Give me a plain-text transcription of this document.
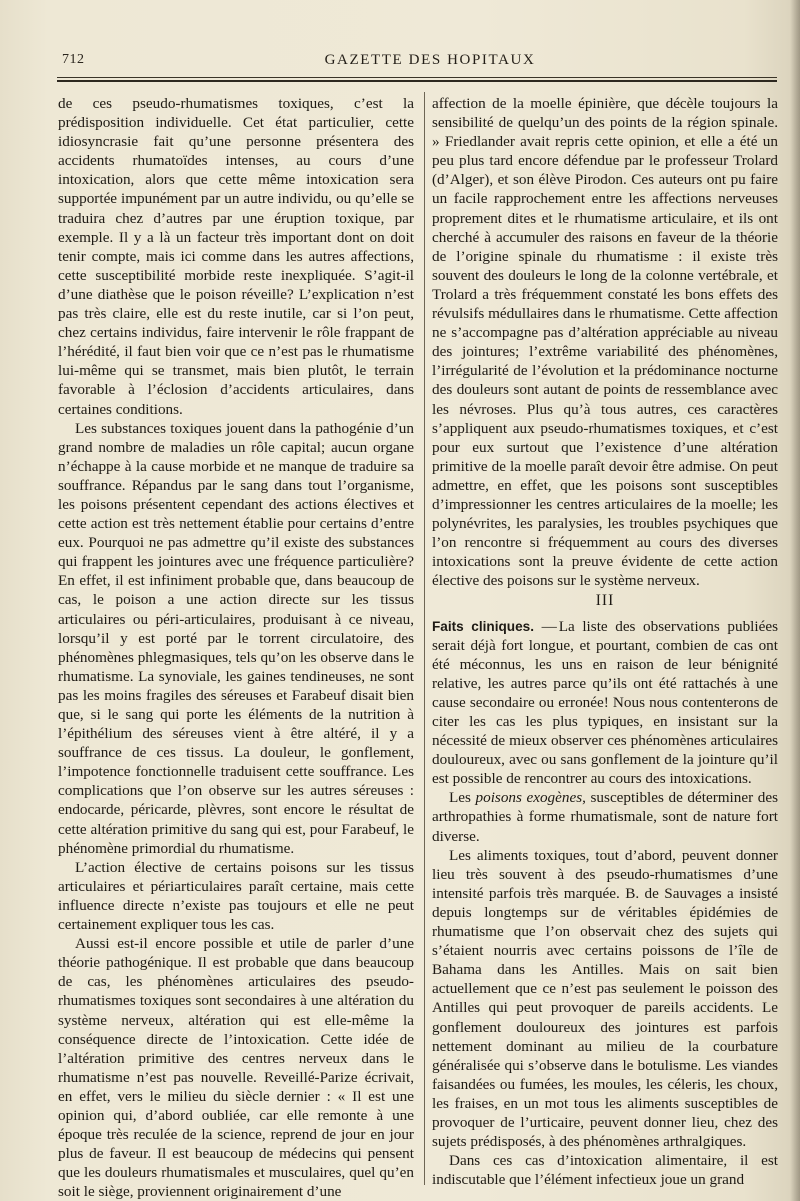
712	GAZETTE DES HOPITAUX

de ces pseudo-rhumatismes toxiques, c’est la prédisposition individuelle. Cet état particulier, cette idiosyncrasie fait qu’une personne présentera des accidents rhumatoïdes intenses, au cours d’une intoxication, alors que cette même intoxication sera supportée impunément par un autre individu, ou qu’elle se traduira chez d’autres par une éruption toxique, par exemple. Il y a là un facteur très important dont on doit tenir compte, mais ici comme dans les autres affections, cette susceptibilité morbide reste inexpliquée. S’agit-il d’une diathèse que le poison réveille? L’explication n’est pas très claire, elle est du reste inutile, car si l’on peut, chez certains individus, faire intervenir le rôle frappant de l’hérédité, il faut bien voir que ce n’est pas le rhumatisme lui-même qui se transmet, mais bien plutôt, le terrain favorable à l’éclosion d’accidents articulaires, dans certaines conditions.

Les substances toxiques jouent dans la pathogénie d’un grand nombre de maladies un rôle capital; aucun organe n’échappe à la cause morbide et ne manque de traduire sa souffrance. Répandus par le sang dans tout l’organisme, les poisons présentent cependant des actions électives et cette action est très nettement établie pour certains d’entre eux. Pourquoi ne pas admettre qu’il existe des substances qui frappent les jointures avec une fréquence particulière? En effet, il est infiniment probable que, dans beaucoup de cas, le poison a une action directe sur les tissus articulaires ou péri-articulaires, produisant à ce niveau, lorsqu’il y est porté par le torrent circulatoire, des phénomènes phlegmasiques, tels qu’on les observe dans le rhumatisme. La synoviale, les gaines tendineuses, ne sont pas les moins fragiles des séreuses et Farabeuf disait bien que, si le sang qui porte les éléments de la nutrition à l’épithélium des séreuses vient à être altéré, il y a souffrance de ces tissus. La douleur, le gonflement, l’impotence fonctionnelle traduisent cette souffrance. Les complications que l’on observe sur les autres séreuses : endocarde, péricarde, plèvres, sont encore le résultat de cette altération primitive du sang qui est, pour Farabeuf, le phénomène primordial du rhumatisme.

L’action élective de certains poisons sur les tissus articulaires et périarticulaires paraît certaine, mais cette influence directe n’existe pas toujours et elle ne peut certainement expliquer tous les cas.

Aussi est-il encore possible et utile de parler d’une théorie pathogénique. Il est probable que dans beaucoup de cas, les phénomènes articulaires des pseudo-rhumatismes toxiques sont secondaires à une altération du système nerveux, altération qui est elle-même la conséquence directe de l’intoxication. Cette idée de l’altération primitive des centres nerveux dans le rhumatisme n’est pas nouvelle. Reveillé-Parize écrivait, en effet, vers le milieu du siècle dernier : « Il est une opinion qui, d’abord oubliée, car elle remonte à une époque très reculée de la science, reprend de jour en jour plus de faveur. Il est beaucoup de médecins qui pensent que les douleurs rhumatismales et musculaires, quel qu’en soit le siège, proviennent originairement d’une

affection de la moelle épinière, que décèle toujours la sensibilité de quelqu’un des points de la région spinale. » Friedlander avait repris cette opinion, et elle a été un peu plus tard encore défendue par le professeur Trolard (d’Alger), et son élève Pirodon. Ces auteurs ont pu faire un facile rapprochement entre les affections nerveuses proprement dites et le rhumatisme articulaire, et ils ont cherché à accumuler des raisons en faveur de la théorie de l’origine spinale du rhumatisme : il existe très souvent des douleurs le long de la colonne vertébrale, et Trolard a très fréquemment constaté les bons effets des révulsifs médullaires dans le rhumatisme. Cette affection ne s’accompagne pas d’altération appréciable au niveau des jointures; l’extrême variabilité des phénomènes, l’irrégularité de l’évolution et la prédominance nocturne des douleurs sont autant de points de ressemblance avec les névroses. Plus qu’à tous autres, ces caractères s’appliquent aux pseudo-rhumatismes toxiques, et c’est pour eux surtout que l’existence d’une altération primitive de la moelle paraît devoir être admise. On peut admettre, en effet, que les poisons sont susceptibles d’impressionner les centres articulaires de la moelle; les polynévrites, les paralysies, les troubles psychiques que l’on rencontre si fréquemment au cours des diverses intoxications sont la preuve évidente de cette action élective des poisons sur le système nerveux.

III

Faits cliniques. — La liste des observations publiées serait déjà fort longue, et pourtant, combien de cas ont été méconnus, les uns en raison de leur bénignité relative, les autres parce qu’ils ont été rattachés à une cause secondaire ou erronée! Nous nous contenterons de citer les cas les plus typiques, en insistant sur la nécessité de mieux observer ces phénomènes articulaires douloureux, avec ou sans gonflement de la jointure qu’il est possible de rencontrer au cours des intoxications.

Les poisons exogènes, susceptibles de déterminer des arthropathies à forme rhumatismale, sont de nature fort diverse.

Les aliments toxiques, tout d’abord, peuvent donner lieu très souvent à des pseudo-rhumatismes d’une intensité parfois très marquée. B. de Sauvages a insisté depuis longtemps sur de véritables épidémies de rhumatisme que l’on observait chez des sujets qui s’étaient nourris avec certains poissons de l’île de Bahama dans les Antilles. Mais on sait bien actuellement que ce n’est pas seulement le poisson des Antilles qui peut provoquer de pareils accidents. Le gonflement douloureux des jointures est parfois nettement dominant au milieu de la courbature généralisée qui s’observe dans le botulisme. Les viandes faisandées ou fumées, les moules, les céleris, les choux, les fraises, en un mot tous les aliments susceptibles de provoquer de l’urticaire, peuvent donner lieu, chez des sujets prédisposés, à des phénomènes arthralgiques.

Dans ces cas d’intoxication alimentaire, il est indiscutable que l’élément infectieux joue un grand
